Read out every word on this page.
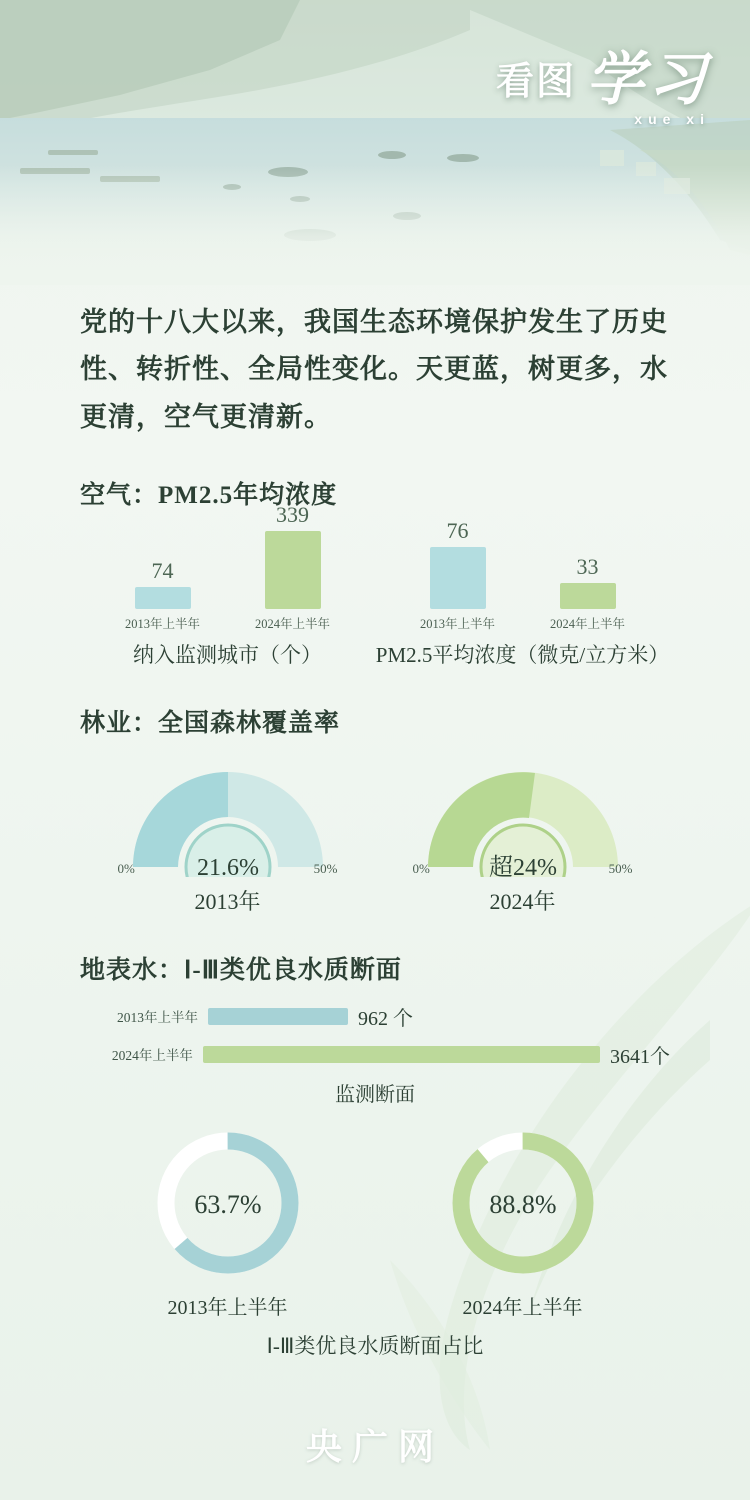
看图 学习
xue xi

党的十八大以来，我国生态环境保护发生了历史性、转折性、全局性变化。天更蓝，树更多，水更清，空气更清新。

空气：PM2.5年均浓度
74
2013年上半年
339
2024年上半年
纳入监测城市（个）
76
2013年上半年
33
2024年上半年
PM2.5平均浓度（微克/立方米）
林业：全国森林覆盖率
21.6%
0%	50%
2013年
超24%
0%	50%
2024年
地表水：Ⅰ-Ⅲ类优良水质断面
2013年上半年	962 个
2024年上半年	3641个
监测断面
63.7%
2013年上半年
88.8%
2024年上半年
Ⅰ-Ⅲ类优良水质断面占比
央广网
